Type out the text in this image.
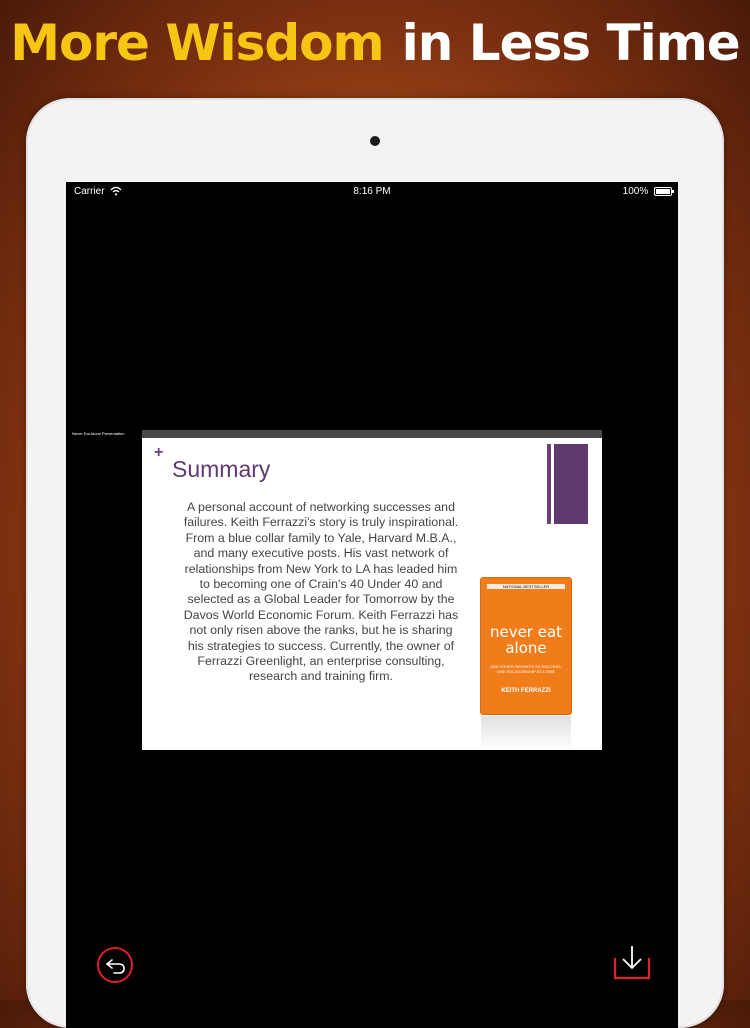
More Wisdom in Less Time
Carrier	8:16 PM	100%
Never Eat Alone Presentation
+
Summary
A personal account of networking successes and failures. Keith Ferrazzi's story is truly inspirational. From a blue collar family to Yale, Harvard M.B.A., and many executive posts. His vast network of relationships from New York to LA has leaded him to becoming one of Crain's 40 Under 40 and selected as a Global Leader for Tomorrow by the Davos World Economic Forum. Keith Ferrazzi has not only risen above the ranks, but he is sharing his strategies to success. Currently, the owner of Ferrazzi Greenlight, an enterprise consulting, research and training firm.
NATIONAL BESTSELLER
never eat alone
AND OTHER SECRETS TO SUCCESS, ONE RELATIONSHIP AT A TIME
KEITH FERRAZZI
